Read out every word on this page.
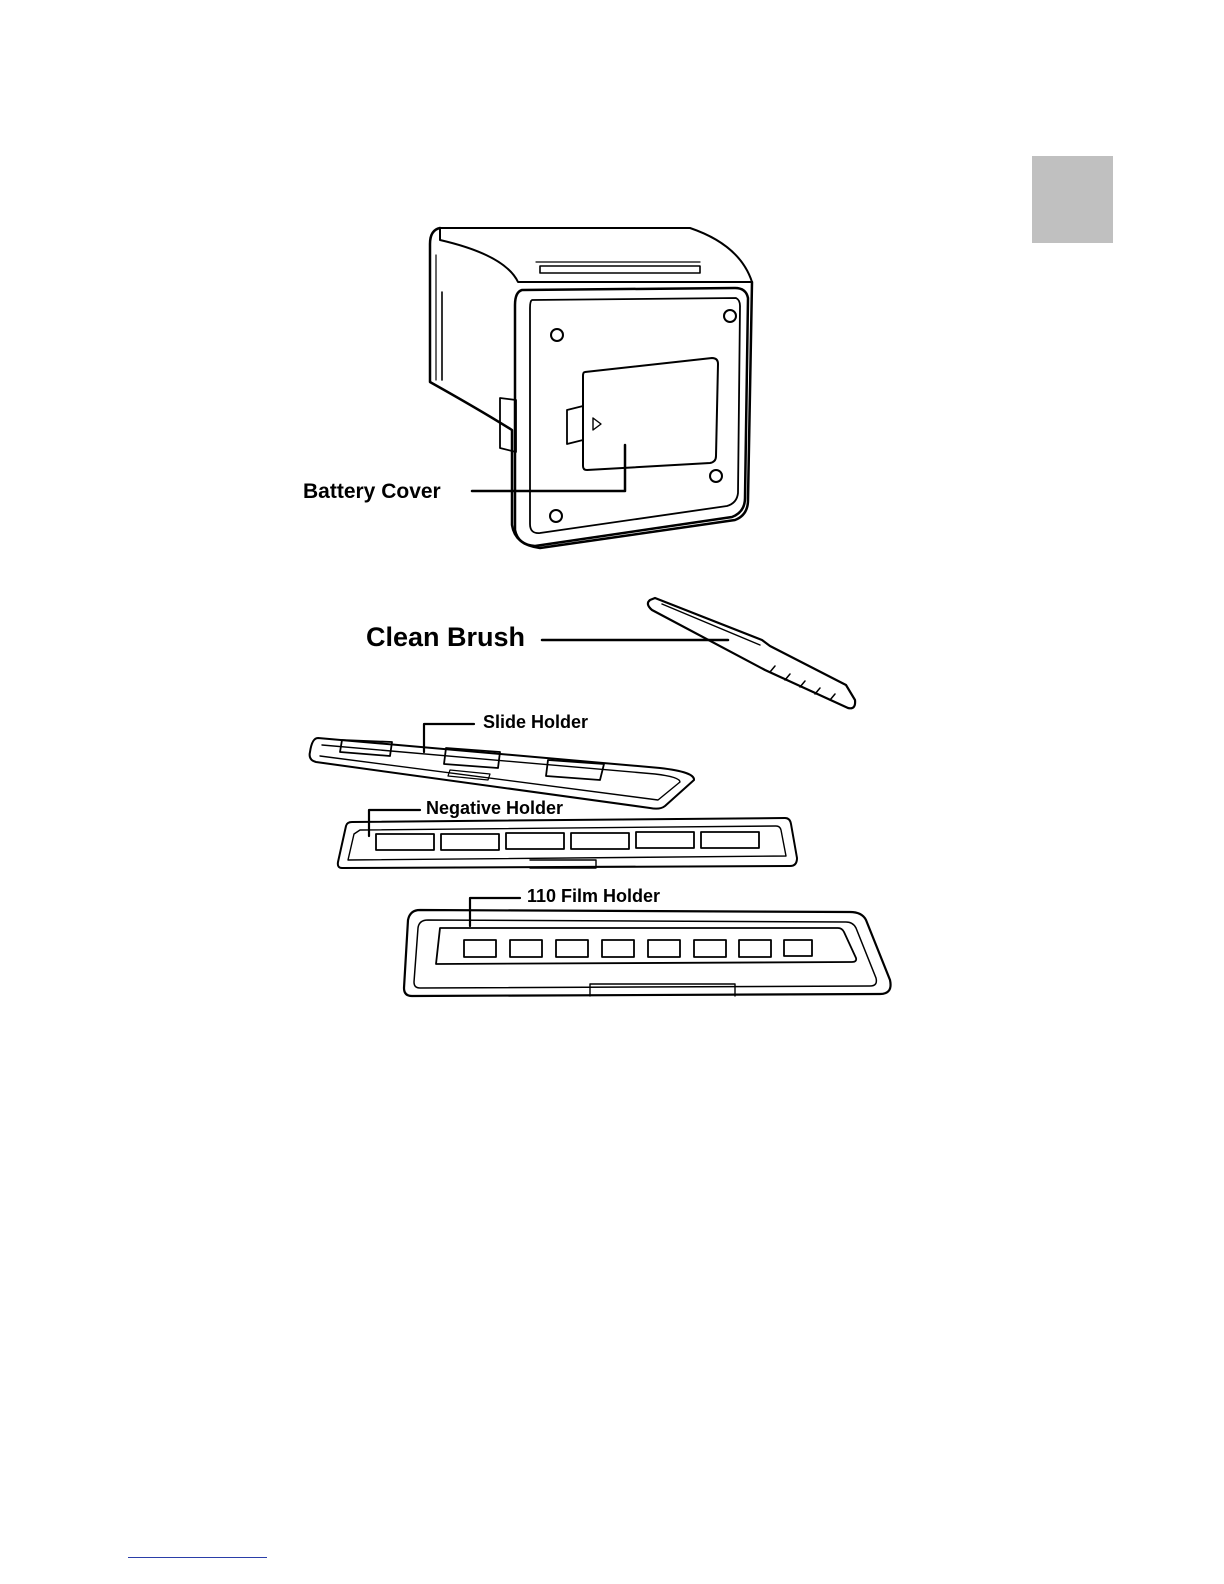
Battery Cover
Clean Brush
Slide Holder
Negative Holder
110 Film Holder
